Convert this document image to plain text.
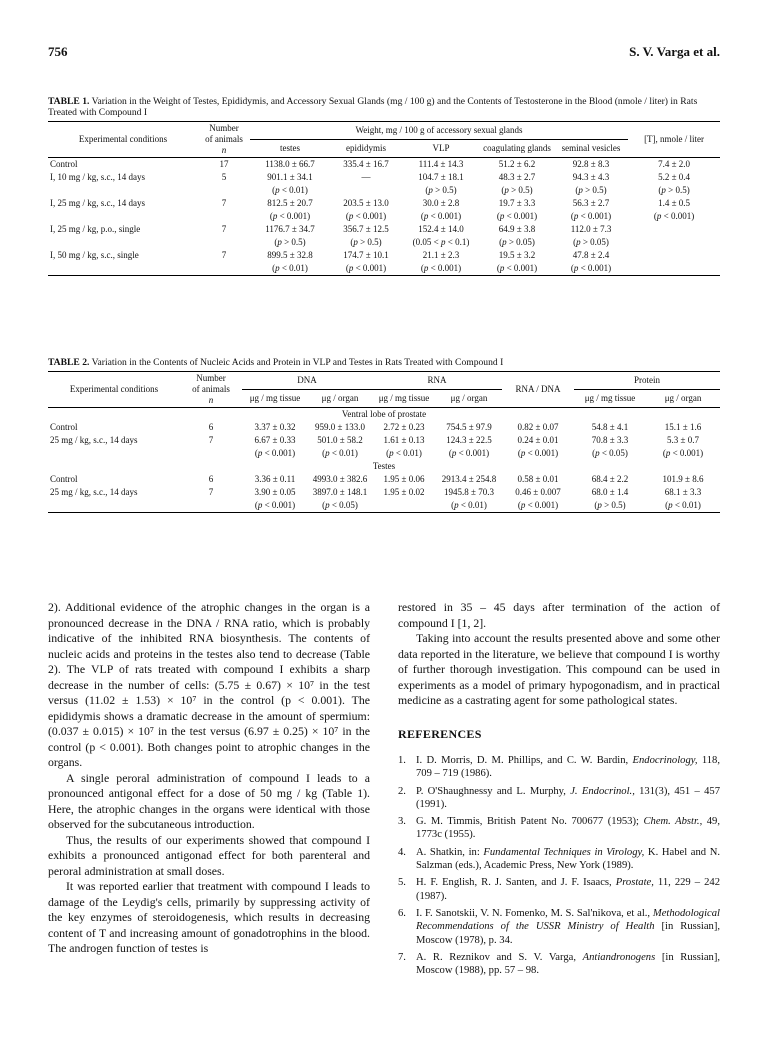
756	S. V. Varga et al.
TABLE 1. Variation in the Weight of Testes, Epididymis, and Accessory Sexual Glands (mg / 100 g) and the Contents of Testosterone in the Blood (nmole / liter) in Rats Treated with Compound I
Experimental conditions	Number
of animals
n	Weight, mg / 100 g of accessory sexual glands					[T], nmole / liter
		testes	epididymis	VLP	coagulating glands	seminal vesicles	
Control	17	1138.0 ± 66.7	335.4 ± 16.7	111.4 ± 14.3	51.2 ± 6.2	92.8 ± 8.3	7.4 ± 2.0
I, 10 mg / kg, s.c., 14 days	5	901.1 ± 34.1	—	104.7 ± 18.1	48.3 ± 2.7	94.3 ± 4.3	5.2 ± 0.4
		(p < 0.01)		(p > 0.5)	(p > 0.5)	(p > 0.5)	(p > 0.5)
I, 25 mg / kg, s.c., 14 days	7	812.5 ± 20.7	203.5 ± 13.0	30.0 ± 2.8	19.7 ± 3.3	56.3 ± 2.7	1.4 ± 0.5
		(p < 0.001)	(p < 0.001)	(p < 0.001)	(p < 0.001)	(p < 0.001)	(p < 0.001)
I, 25 mg / kg, p.o., single	7	1176.7 ± 34.7	356.7 ± 12.5	152.4 ± 14.0	64.9 ± 3.8	112.0 ± 7.3	
		(p > 0.5)	(p > 0.5)	(0.05 < p < 0.1)	(p > 0.05)	(p > 0.05)	
I, 50 mg / kg, s.c., single	7	899.5 ± 32.8	174.7 ± 10.1	21.1 ± 2.3	19.5 ± 3.2	47.8 ± 2.4	
		(p < 0.01)	(p < 0.001)	(p < 0.001)	(p < 0.001)	(p < 0.001)	
TABLE 2. Variation in the Contents of Nucleic Acids and Protein in VLP and Testes in Rats Treated with Compound I
Experimental conditions	Number
of animals
n	DNA		RNA		RNA / DNA	Protein	
		μg / mg tissue	μg / organ	μg / mg tissue	μg / organ		μg / mg tissue	μg / organ
Ventral lobe of prostate								
Control	6	3.37 ± 0.32	959.0 ± 133.0	2.72 ± 0.23	754.5 ± 97.9	0.82 ± 0.07	54.8 ± 4.1	15.1 ± 1.6
25 mg / kg, s.c., 14 days	7	6.67 ± 0.33	501.0 ± 58.2	1.61 ± 0.13	124.3 ± 22.5	0.24 ± 0.01	70.8 ± 3.3	5.3 ± 0.7
		(p < 0.001)	(p < 0.01)	(p < 0.01)	(p < 0.001)	(p < 0.001)	(p < 0.05)	(p < 0.001)
Testes								
Control	6	3.36 ± 0.11	4993.0 ± 382.6	1.95 ± 0.06	2913.4 ± 254.8	0.58 ± 0.01	68.4 ± 2.2	101.9 ± 8.6
25 mg / kg, s.c., 14 days	7	3.90 ± 0.05	3897.0 ± 148.1	1.95 ± 0.02	1945.8 ± 70.3	0.46 ± 0.007	68.0 ± 1.4	68.1 ± 3.3
		(p < 0.001)	(p < 0.05)		(p < 0.01)	(p < 0.001)	(p > 0.5)	(p < 0.01)

2). Additional evidence of the atrophic changes in the organ is a pronounced decrease in the DNA / RNA ratio, which is probably indicative of the inhibited RNA biosynthesis. The contents of nucleic acids and proteins in the testes also tend to decrease (Table 2). The VLP of rats treated with compound I exhibits a sharp decrease in the number of cells: (5.75 ± 0.67) × 10⁷ in the test versus (11.02 ± 1.53) × 10⁷ in the control (p < 0.001). The epididymis shows a dramatic decrease in the amount of spermium: (0.037 ± 0.015) × 10⁷ in the test versus (6.97 ± 0.25) × 10⁷ in the control (p < 0.001). Both changes point to atrophic changes in the organs.

A single peroral administration of compound I leads to a pronounced antigonal effect for a dose of 50 mg / kg (Table 1). Here, the atrophic changes in the organs were identical with those observed for the subcutaneous introduction.

Thus, the results of our experiments showed that compound I exhibits a pronounced antigonad effect for both parenteral and peroral administration at small doses.

It was reported earlier that treatment with compound I leads to damage of the Leydig's cells, primarily by suppressing activity of the key enzymes of steroidogenesis, which results in decreasing content of T and increasing amount of gonadotrophins in the blood. The androgen function of testes is

restored in 35 – 45 days after termination of the action of compound I [1, 2].

Taking into account the results presented above and some other data reported in the literature, we believe that compound I is worthy of further thorough investigation. This compound can be used in experiments as a model of primary hypogonadism, and in practical medicine as a castrating agent for some pathological states.

REFERENCES
1. I. D. Morris, D. M. Phillips, and C. W. Bardin, Endocrinology, 118, 709 – 719 (1986).
2. P. O'Shaughnessy and L. Murphy, J. Endocrinol., 131(3), 451 – 457 (1991).
3. G. M. Timmis, British Patent No. 700677 (1953); Chem. Abstr., 49, 1773c (1955).
4. A. Shatkin, in: Fundamental Techniques in Virology, K. Habel and N. Salzman (eds.), Academic Press, New York (1989).
5. H. F. English, R. J. Santen, and J. F. Isaacs, Prostate, 11, 229 – 242 (1987).
6. I. F. Sanotskii, V. N. Fomenko, M. S. Sal'nikova, et al., Methodological Recommendations of the USSR Ministry of Health [in Russian], Moscow (1978), p. 34.
7. A. R. Reznikov and S. V. Varga, Antiandronogens [in Russian], Moscow (1988), pp. 57 – 98.
